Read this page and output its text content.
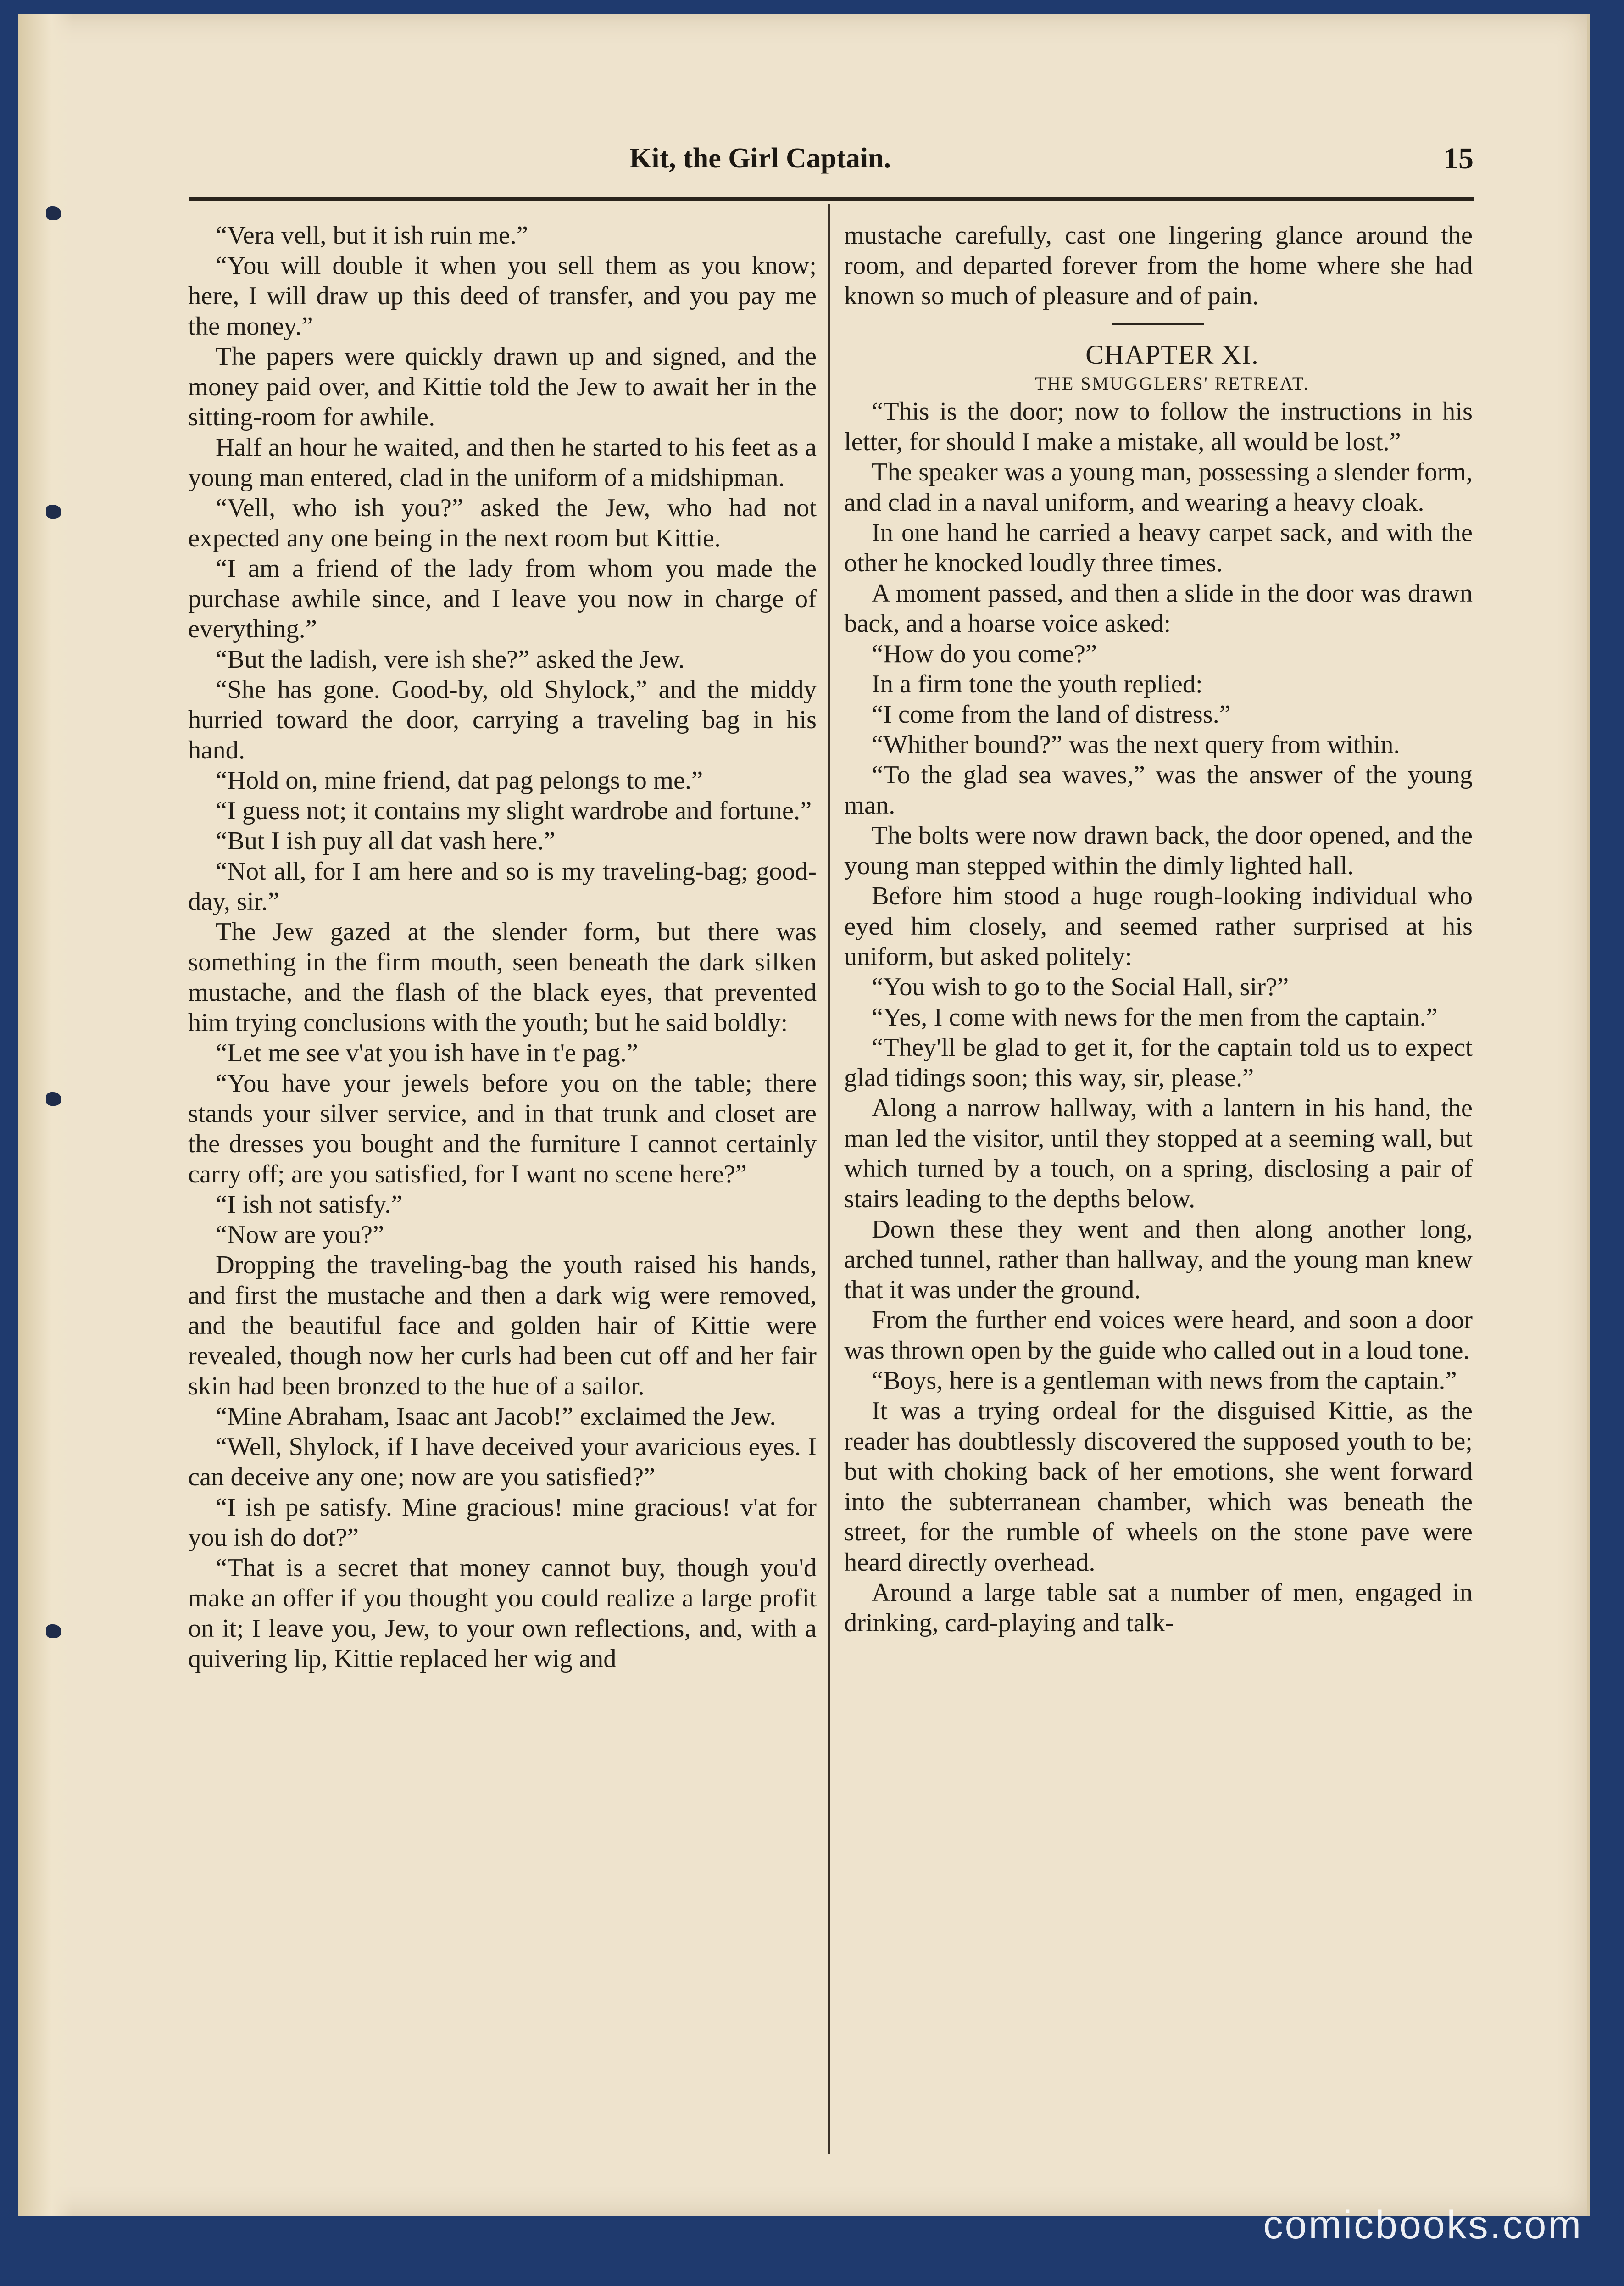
Kit, the Girl Captain.	15

“Vera vell, but it ish ruin me.”

“You will double it when you sell them as you know; here, I will draw up this deed of transfer, and you pay me the money.”

The papers were quickly drawn up and signed, and the money paid over, and Kittie told the Jew to await her in the sitting-room for awhile.

Half an hour he waited, and then he started to his feet as a young man entered, clad in the uniform of a midshipman.

“Vell, who ish you?” asked the Jew, who had not expected any one being in the next room but Kittie.

“I am a friend of the lady from whom you made the purchase awhile since, and I leave you now in charge of everything.”

“But the ladish, vere ish she?” asked the Jew.

“She has gone. Good-by, old Shylock,” and the middy hurried toward the door, carrying a traveling bag in his hand.

“Hold on, mine friend, dat pag pelongs to me.”

“I guess not; it contains my slight wardrobe and fortune.”

“But I ish puy all dat vash here.”

“Not all, for I am here and so is my traveling-bag; good-day, sir.”

The Jew gazed at the slender form, but there was something in the firm mouth, seen beneath the dark silken mustache, and the flash of the black eyes, that prevented him trying conclusions with the youth; but he said boldly:

“Let me see v'at you ish have in t'e pag.”

“You have your jewels before you on the table; there stands your silver service, and in that trunk and closet are the dresses you bought and the furniture I cannot certainly carry off; are you satisfied, for I want no scene here?”

“I ish not satisfy.”

“Now are you?”

Dropping the traveling-bag the youth raised his hands, and first the mustache and then a dark wig were removed, and the beautiful face and golden hair of Kittie were revealed, though now her curls had been cut off and her fair skin had been bronzed to the hue of a sailor.

“Mine Abraham, Isaac ant Jacob!” exclaimed the Jew.

“Well, Shylock, if I have deceived your avaricious eyes. I can deceive any one; now are you satisfied?”

“I ish pe satisfy. Mine gracious! mine gracious! v'at for you ish do dot?”

“That is a secret that money cannot buy, though you'd make an offer if you thought you could realize a large profit on it; I leave you, Jew, to your own reflections, and, with a quivering lip, Kittie replaced her wig and

mustache carefully, cast one lingering glance around the room, and departed forever from the home where she had known so much of pleasure and of pain.

CHAPTER XI.

THE SMUGGLERS' RETREAT.

“This is the door; now to follow the instructions in his letter, for should I make a mistake, all would be lost.”

The speaker was a young man, possessing a slender form, and clad in a naval uniform, and wearing a heavy cloak.

In one hand he carried a heavy carpet sack, and with the other he knocked loudly three times.

A moment passed, and then a slide in the door was drawn back, and a hoarse voice asked:

“How do you come?”

In a firm tone the youth replied:

“I come from the land of distress.”

“Whither bound?” was the next query from within.

“To the glad sea waves,” was the answer of the young man.

The bolts were now drawn back, the door opened, and the young man stepped within the dimly lighted hall.

Before him stood a huge rough-looking individual who eyed him closely, and seemed rather surprised at his uniform, but asked politely:

“You wish to go to the Social Hall, sir?”

“Yes, I come with news for the men from the captain.”

“They'll be glad to get it, for the captain told us to expect glad tidings soon; this way, sir, please.”

Along a narrow hallway, with a lantern in his hand, the man led the visitor, until they stopped at a seeming wall, but which turned by a touch, on a spring, disclosing a pair of stairs leading to the depths below.

Down these they went and then along another long, arched tunnel, rather than hallway, and the young man knew that it was under the ground.

From the further end voices were heard, and soon a door was thrown open by the guide who called out in a loud tone.

“Boys, here is a gentleman with news from the captain.”

It was a trying ordeal for the disguised Kittie, as the reader has doubtlessly discovered the supposed youth to be; but with choking back of her emotions, she went forward into the subterranean chamber, which was beneath the street, for the rumble of wheels on the stone pave were heard directly overhead.

Around a large table sat a number of men, engaged in drinking, card-playing and talk-

comicbooks.com
